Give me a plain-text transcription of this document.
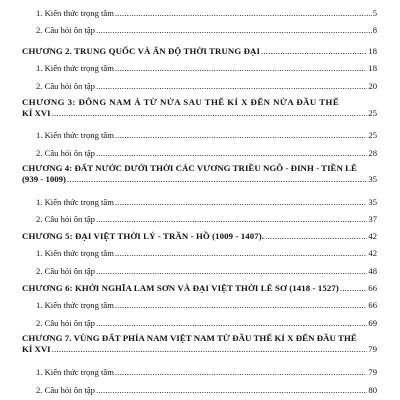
1. Kiến thức trọng tâm .....	5
2. Câu hỏi ôn tập .....	8
CHƯƠNG 2. TRUNG QUỐC VÀ ẤN ĐỘ THỜI TRUNG ĐẠI .....	18
1. Kiến thức trọng tâm .....	18
2. Câu hỏi ôn tập .....	20
CHƯƠNG 3: ĐÔNG NAM Á TỪ NỬA SAU THẾ KỈ X ĐẾN NỬA ĐẦU THẾ
KỈ XVI .....	25
1. Kiến thức trọng tâm .....	25
2. Câu hỏi ôn tập .....	28
CHƯƠNG 4: ĐẤT NƯỚC DƯỚI THỜI CÁC VƯƠNG TRIỀU NGÔ - ĐINH - TIỀN LÊ
(939 - 1009) .....	35
1. Kiến thức trọng tâm .....	35
2. Câu hỏi ôn tập .....	37
CHƯƠNG 5: ĐẠI VIỆT THỜI LÝ - TRẦN - HỒ (1009 - 1407). .....	42
1. Kiến thức trọng tâm .....	42
2. Câu hỏi ôn tập .....	48
CHƯƠNG 6: KHỞI NGHĨA LAM SƠN VÀ ĐẠI VIỆT THỜI LÊ SƠ (1418 - 1527) .....	66
1. Kiến thức trọng tâm .....	66
2. Câu hỏi ôn tập .....	69
CHƯƠNG 7. VÙNG ĐẤT PHÍA NAM VIỆT NAM TỪ ĐẦU THẾ KỈ X ĐẾN ĐẦU THẾ
KỈ XVI .....	79
1. Kiến thức trọng tâm .....	79
2. Câu hỏi ôn tập .....	80
